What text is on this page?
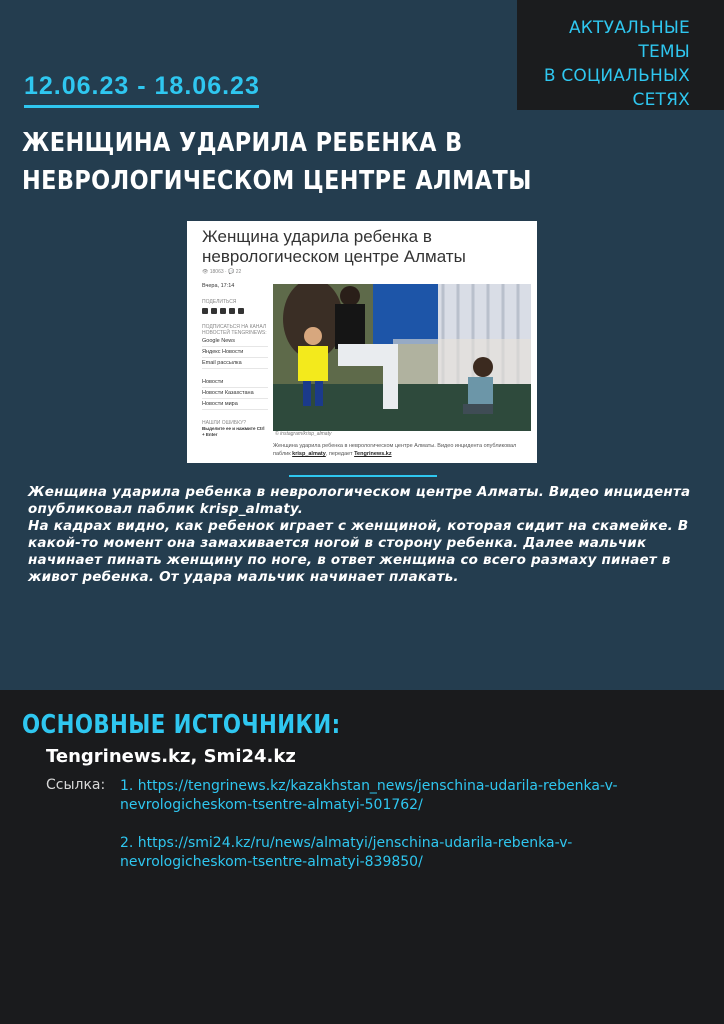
АКТУАЛЬНЫЕ ТЕМЫ
В СОЦИАЛЬНЫХ
СЕТЯХ
12.06.23 - 18.06.23
ЖЕНЩИНА УДАРИЛА РЕБЕНКА В НЕВРОЛОГИЧЕСКОМ ЦЕНТРЕ АЛМАТЫ
Женщина ударила ребенка в неврологическом центре Алматы
👁 18063 · 💬 22
Вчера, 17:14
ПОДЕЛИТЬСЯ
ПОДПИСАТЬСЯ НА КАНАЛ НОВОСТЕЙ TENGRINEWS:
Google News
Яндекс Новости
Email рассылка
Новости
Новости Казахстана
Новости мира
НАШЛИ ОШИБКУ?
Выделите ее и нажмите Ctrl + Enter	© instagram/krisp_almaty
Женщина ударила ребенка в неврологическом центре Алматы. Видео инцидента опубликовал паблик krisp_almaty, передает Tengrinews.kz

Женщина ударила ребенка в неврологическом центре Алматы. Видео инцидента опубликовал паблик krisp_almaty.

На кадрах видно, как ребенок играет с женщиной, которая сидит на скамейке. В какой-то момент она замахивается ногой в сторону ребенка. Далее мальчик начинает пинать женщину по ноге, в ответ женщина со всего размаху пинает в живот ребенка. От удара мальчик начинает плакать.

ОСНОВНЫЕ ИСТОЧНИКИ:
Tengrinews.kz, Smi24.kz
Ссылка: 1. https://tengrinews.kz/kazakhstan_news/jenschina-udarila-rebenka-v-nevrologicheskom-tsentre-almatyi-501762/
2. https://smi24.kz/ru/news/almatyi/jenschina-udarila-rebenka-v-nevrologicheskom-tsentre-almatyi-839850/
